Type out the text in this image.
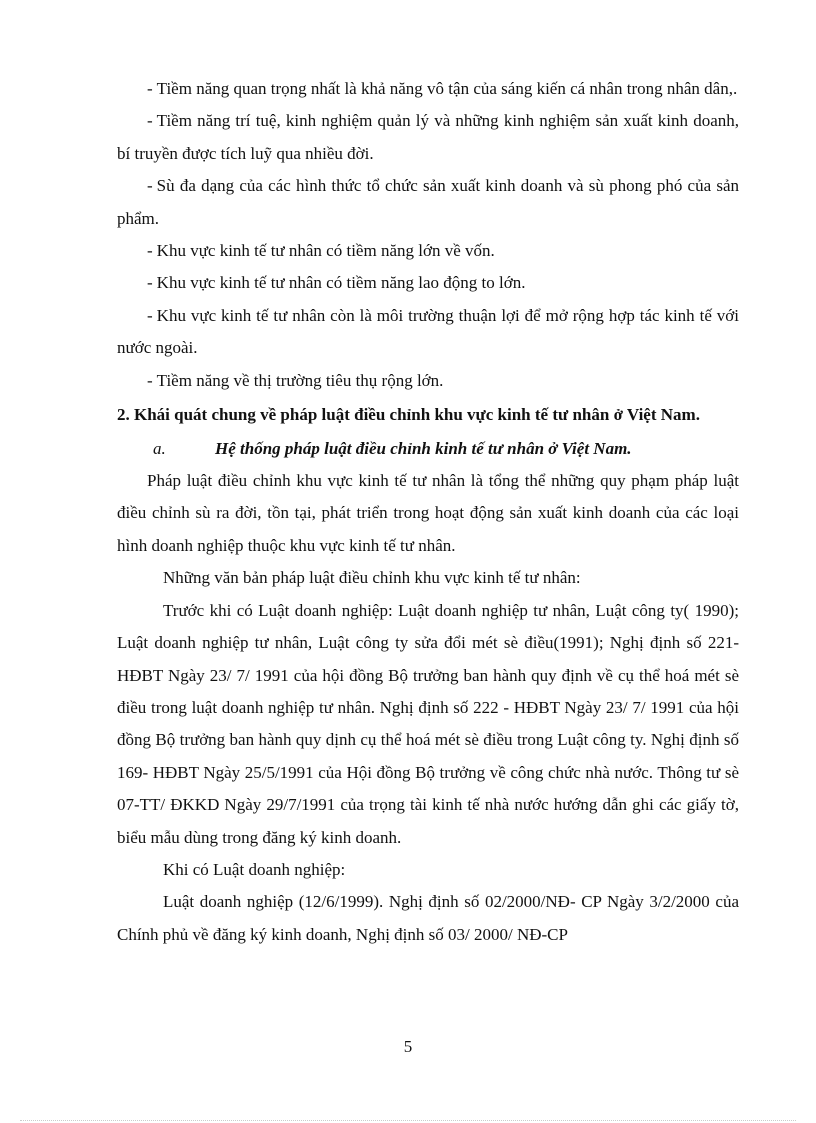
- Tiềm năng quan trọng nhất là khả năng vô tận của sáng kiến cá nhân trong nhân dân,.

- Tiềm năng trí tuệ, kinh nghiệm quản lý và những kinh nghiệm sản xuất kinh doanh, bí truyền được tích luỹ qua nhiều đời.

- Sù đa dạng của các hình thức tổ chức sản xuất kinh doanh và sù phong phó của sản phẩm.

- Khu vực kinh tế tư nhân có tiềm năng lớn về vốn.

- Khu vực kinh tế tư nhân có tiềm năng lao động to lớn.

- Khu vực kinh tế tư nhân còn là môi trường thuận lợi để mở rộng hợp tác kinh tế với nước ngoài.

- Tiềm năng về thị trường tiêu thụ rộng lớn.

2. Khái quát chung về pháp luật điều chỉnh khu vực kinh tế tư nhân ở Việt Nam.

a.	Hệ thống pháp luật điều chỉnh kinh tế tư nhân ở Việt Nam.

Pháp luật điều chỉnh khu vực kinh tế tư nhân là tổng thể những quy phạm pháp luật điều chỉnh sù ra đời, tồn tại, phát triển trong hoạt động sản xuất kinh doanh của các loại hình doanh nghiệp thuộc khu vực kinh tế tư nhân.

Những văn bản pháp luật điều chỉnh khu vực kinh tế tư nhân:

Trước khi có Luật doanh nghiệp: Luật doanh nghiệp tư nhân, Luật công ty( 1990); Luật doanh nghiệp tư nhân, Luật công ty sửa đổi mét sè điều(1991); Nghị định số 221- HĐBT Ngày 23/ 7/ 1991 của hội đồng Bộ trưởng ban hành quy định về cụ thể hoá mét sè điều trong luật doanh nghiệp tư nhân. Nghị định số 222 - HĐBT Ngày 23/ 7/ 1991 của hội đồng Bộ trưởng ban hành quy dịnh cụ thể hoá mét sè điều trong Luật công ty. Nghị định số 169- HĐBT Ngày 25/5/1991 của Hội đồng Bộ trưởng về công chức nhà nước. Thông tư sè 07-TT/ ĐKKD Ngày 29/7/1991 của trọng tài kinh tế nhà nước hướng dẫn ghi các giấy tờ, biểu mẫu dùng trong đăng ký kinh doanh.

Khi có Luật doanh nghiệp:

Luật doanh nghiệp (12/6/1999). Nghị định số 02/2000/NĐ- CP Ngày 3/2/2000 của Chính phủ về đăng ký kinh doanh, Nghị định số 03/ 2000/ NĐ-CP

5
